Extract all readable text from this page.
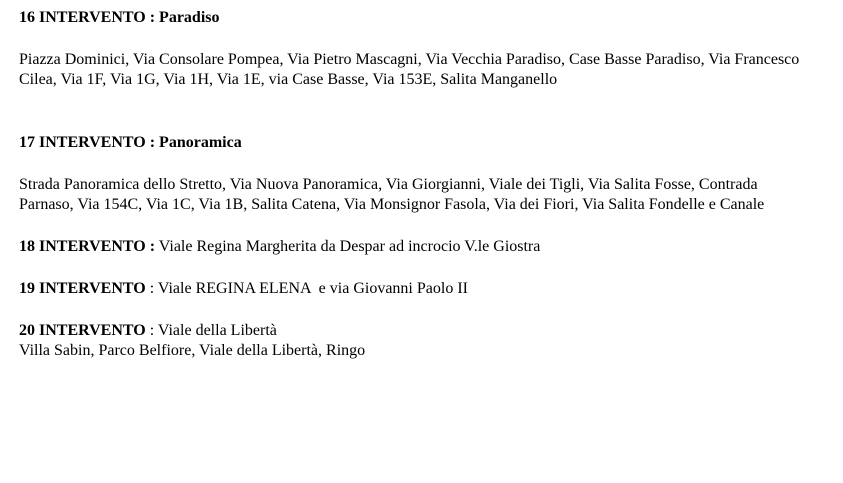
16 INTERVENTO : Paradiso

Piazza Dominici, Via Consolare Pompea, Via Pietro Mascagni, Via Vecchia Paradiso, Case Basse Paradiso, Via Francesco Cilea, Via 1F, Via 1G, Via 1H, Via 1E, via Case Basse, Via 153E, Salita Manganello

17 INTERVENTO : Panoramica

Strada Panoramica dello Stretto, Via Nuova Panoramica, Via Giorgianni, Viale dei Tigli, Via Salita Fosse, Contrada Parnaso, Via 154C, Via 1C, Via 1B, Salita Catena, Via Monsignor Fasola, Via dei Fiori, Via Salita Fondelle e Canale

18 INTERVENTO : Viale Regina Margherita da Despar ad incrocio V.le Giostra

19 INTERVENTO : Viale REGINA ELENA  e via Giovanni Paolo II

20 INTERVENTO : Viale della Libertà

Villa Sabin, Parco Belfiore, Viale della Libertà, Ringo
